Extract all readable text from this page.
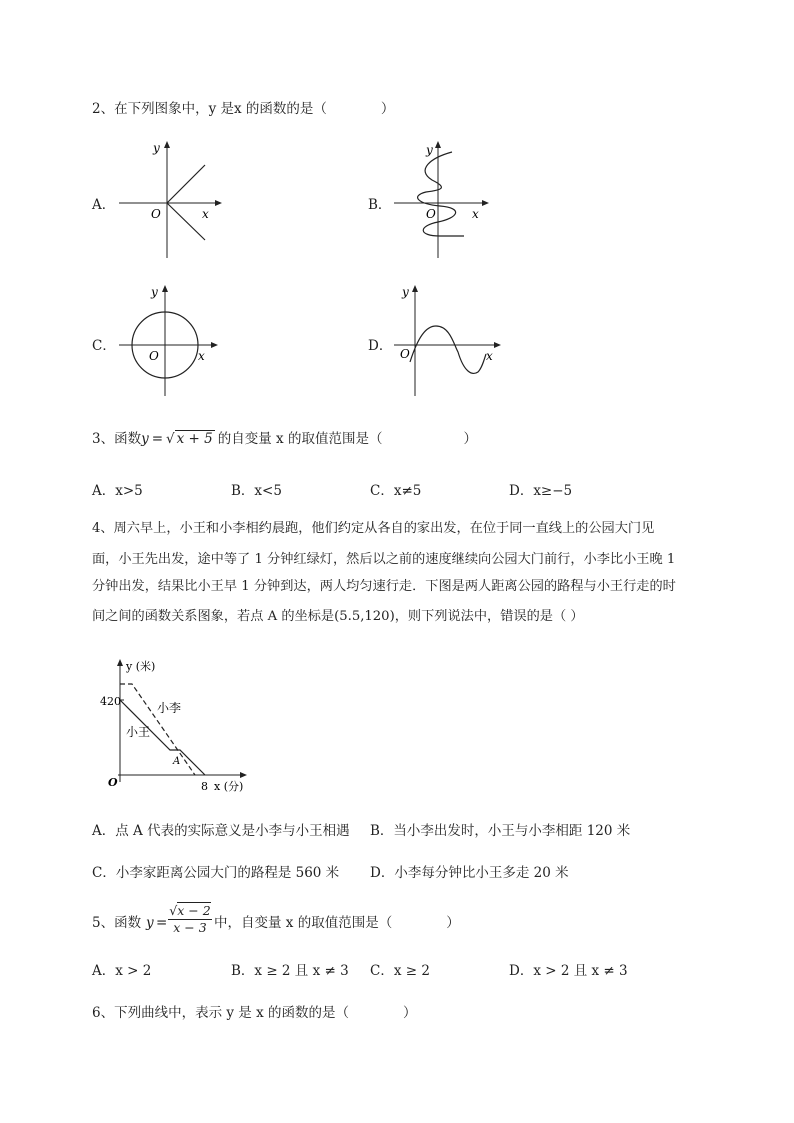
2、在下列图象中，y 是x 的函数的是（　　　　）
A．
x
y
O
B．
x
y
O
C．
x
y
O
D．
x
y
O
3、函数y = √ x + 5 的自变量 x 的取值范围是（　　　　　　）
A．x>5	B．x<5	C．x≠5	D．x≥−5
4、周六早上，小王和小李相约晨跑，他们约定从各自的家出发，在位于同一直线上的公园大门见
面，小王先出发，途中等了 1 分钟红绿灯，然后以之前的速度继续向公园大门前行，小李比小王晚 1
分钟出发，结果比小王早 1 分钟到达，两人均匀速行走．下图是两人距离公园的路程与小王行走的时
间之间的函数关系图象，若点 A 的坐标是(5.5,120)，则下列说法中，错误的是（ ）
y (米)
x (分)
O
420
8
小王
小李
A
A．点 A 代表的实际意义是小李与小王相遇 B．当小李出发时，小王与小李相距 120 米
C．小李家距离公园大门的路程是 560 米 D．小李每分钟比小王多走 20 米
5、函数 $y = \frac{√x - 2}{x - 3}$ 中，自变量 x 的取值范围是（　　　　）
A．x > 2	B．x ≥ 2 且 x ≠ 3 C．x ≥ 2	D．x > 2 且 x ≠ 3
6、下列曲线中，表示 y 是 x 的函数的是（　　　　）
